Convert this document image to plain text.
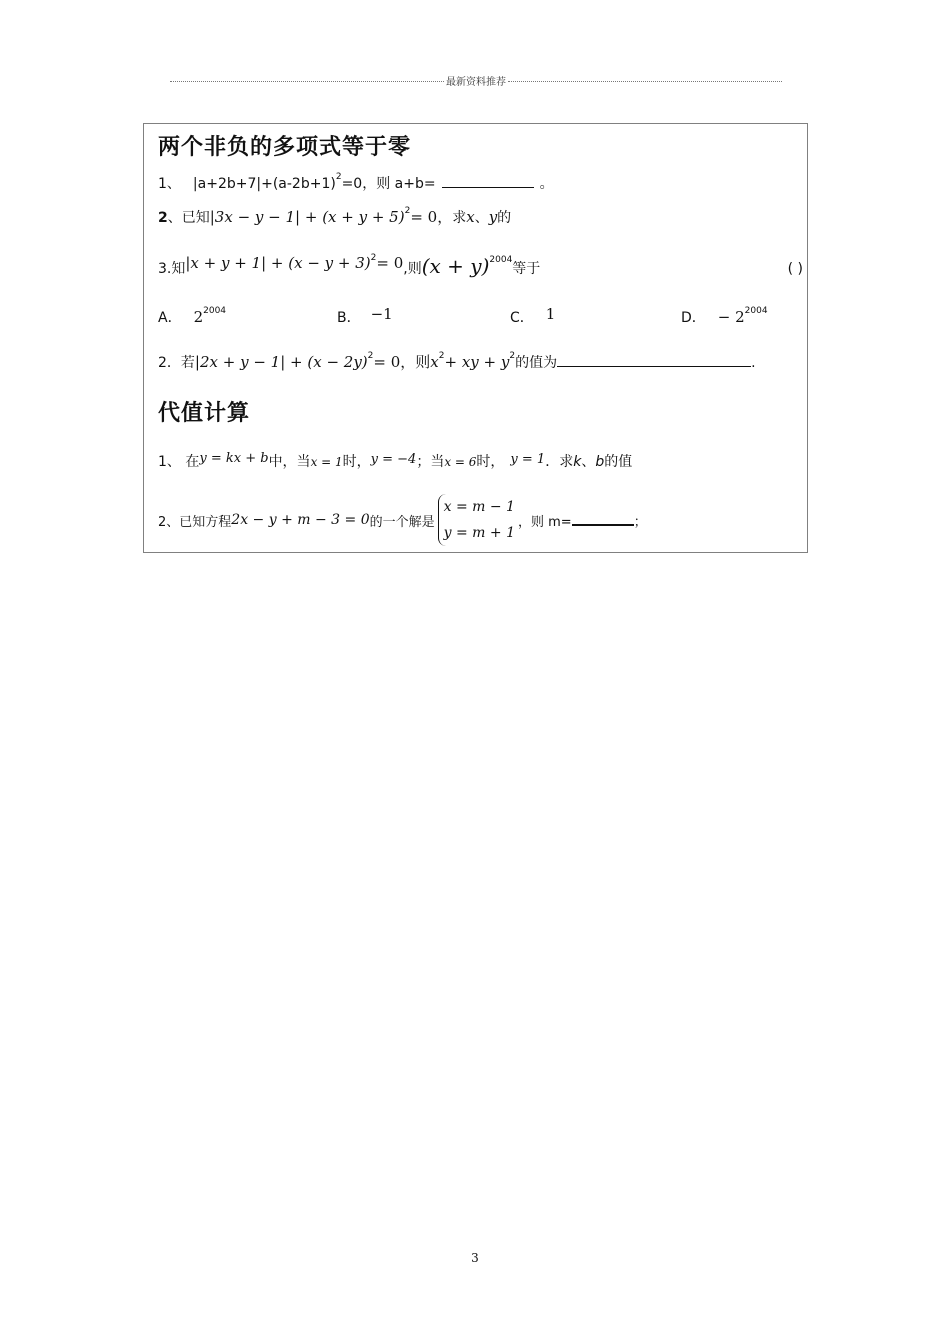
最新资料推荐
两个非负的多项式等于零
1、 |a+2b+7|+(a-2b+1) 2 =0，则 a+b=	。
2 、已知 |3x − y − 1| + (x + y + 5) 2 = 0， 求 x 、 y 的
3.知 |x + y + 1| + (x − y + 3) 2 = 0 ,则 (x + y) 2004
等于	( )
A． 2 2004	B． −1	C． 1	D． − 2 2004
2．若 |2x + y − 1| + (x − 2y) 2 = 0，则 x 2 + xy + y 2 的值为	.
代值计算
1、 在 y = kx + b 中，当 x = 1 时， y = −4 ；当 x = 6 时， y = 1 ．求 k 、 b 的值
2、已知方程 2x − y + m − 3 = 0 的一个解是
x = m − 1
y = m + 1
，则 m=	；
3
